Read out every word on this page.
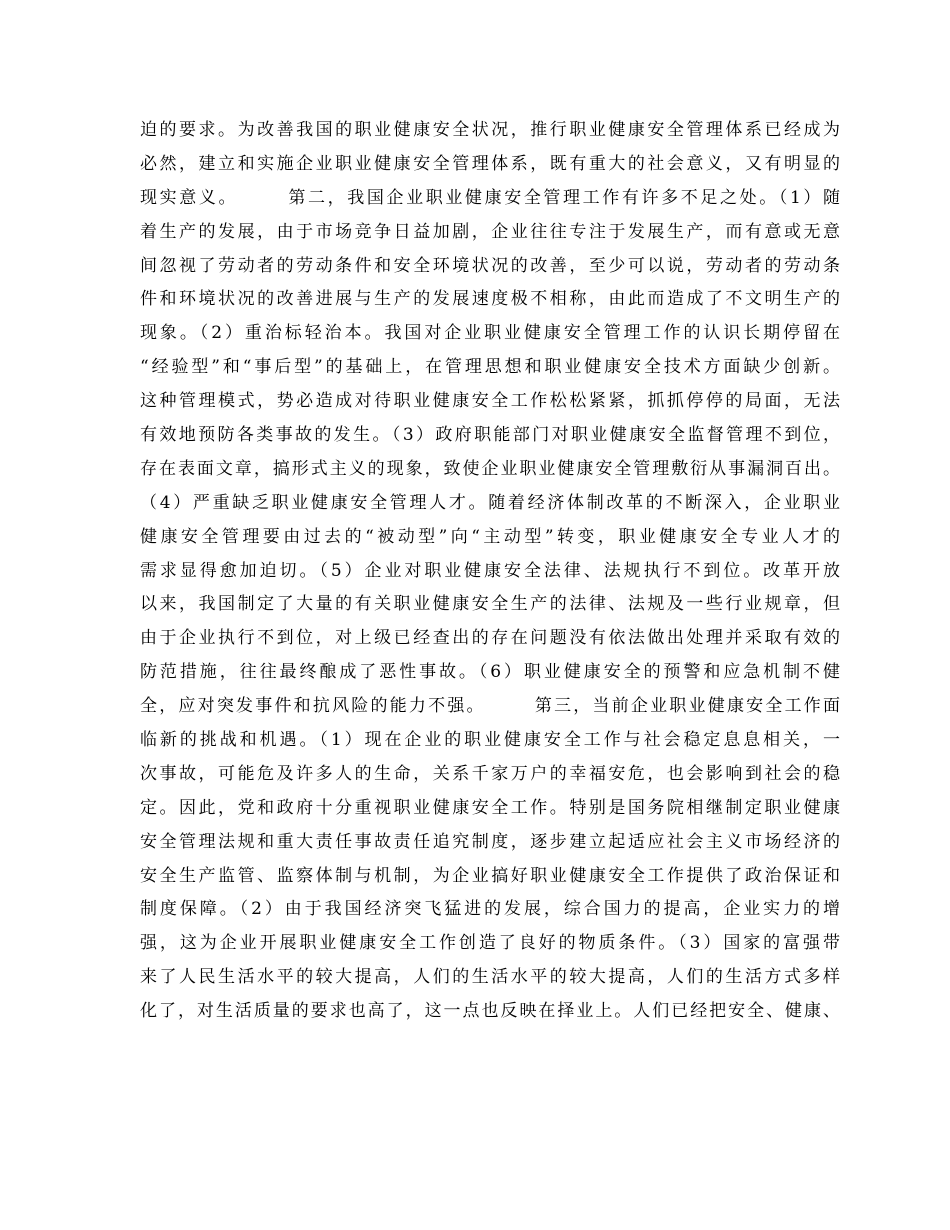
迫的要求。为改善我国的职业健康安全状况，推行职业健康安全管理体系已经成为
必然，建立和实施企业职业健康安全管理体系，既有重大的社会意义，又有明显的
现实意义。　　　第二，我国企业职业健康安全管理工作有许多不足之处。（1）随
着生产的发展，由于市场竞争日益加剧，企业往往专注于发展生产，而有意或无意
间忽视了劳动者的劳动条件和安全环境状况的改善，至少可以说，劳动者的劳动条
件和环境状况的改善进展与生产的发展速度极不相称，由此而造成了不文明生产的
现象。（2）重治标轻治本。我国对企业职业健康安全管理工作的认识长期停留在
“经验型”和“事后型”的基础上，在管理思想和职业健康安全技术方面缺少创新。
这种管理模式，势必造成对待职业健康安全工作松松紧紧，抓抓停停的局面，无法
有效地预防各类事故的发生。（3）政府职能部门对职业健康安全监督管理不到位，
存在表面文章，搞形式主义的现象，致使企业职业健康安全管理敷衍从事漏洞百出。
（4）严重缺乏职业健康安全管理人才。随着经济体制改革的不断深入，企业职业
健康安全管理要由过去的“被动型”向“主动型”转变，职业健康安全专业人才的
需求显得愈加迫切。（5）企业对职业健康安全法律、法规执行不到位。改革开放
以来，我国制定了大量的有关职业健康安全生产的法律、法规及一些行业规章，但
由于企业执行不到位，对上级已经查出的存在问题没有依法做出处理并采取有效的
防范措施，往往最终酿成了恶性事故。（6）职业健康安全的预警和应急机制不健
全，应对突发事件和抗风险的能力不强。　　　第三，当前企业职业健康安全工作面
临新的挑战和机遇。（1）现在企业的职业健康安全工作与社会稳定息息相关，一
次事故，可能危及许多人的生命，关系千家万户的幸福安危，也会影响到社会的稳
定。因此，党和政府十分重视职业健康安全工作。特别是国务院相继制定职业健康
安全管理法规和重大责任事故责任追究制度，逐步建立起适应社会主义市场经济的
安全生产监管、监察体制与机制，为企业搞好职业健康安全工作提供了政治保证和
制度保障。（2）由于我国经济突飞猛进的发展，综合国力的提高，企业实力的增
强，这为企业开展职业健康安全工作创造了良好的物质条件。（3）国家的富强带
来了人民生活水平的较大提高，人们的生活水平的较大提高，人们的生活方式多样
化了，对生活质量的要求也高了，这一点也反映在择业上。人们已经把安全、健康、
